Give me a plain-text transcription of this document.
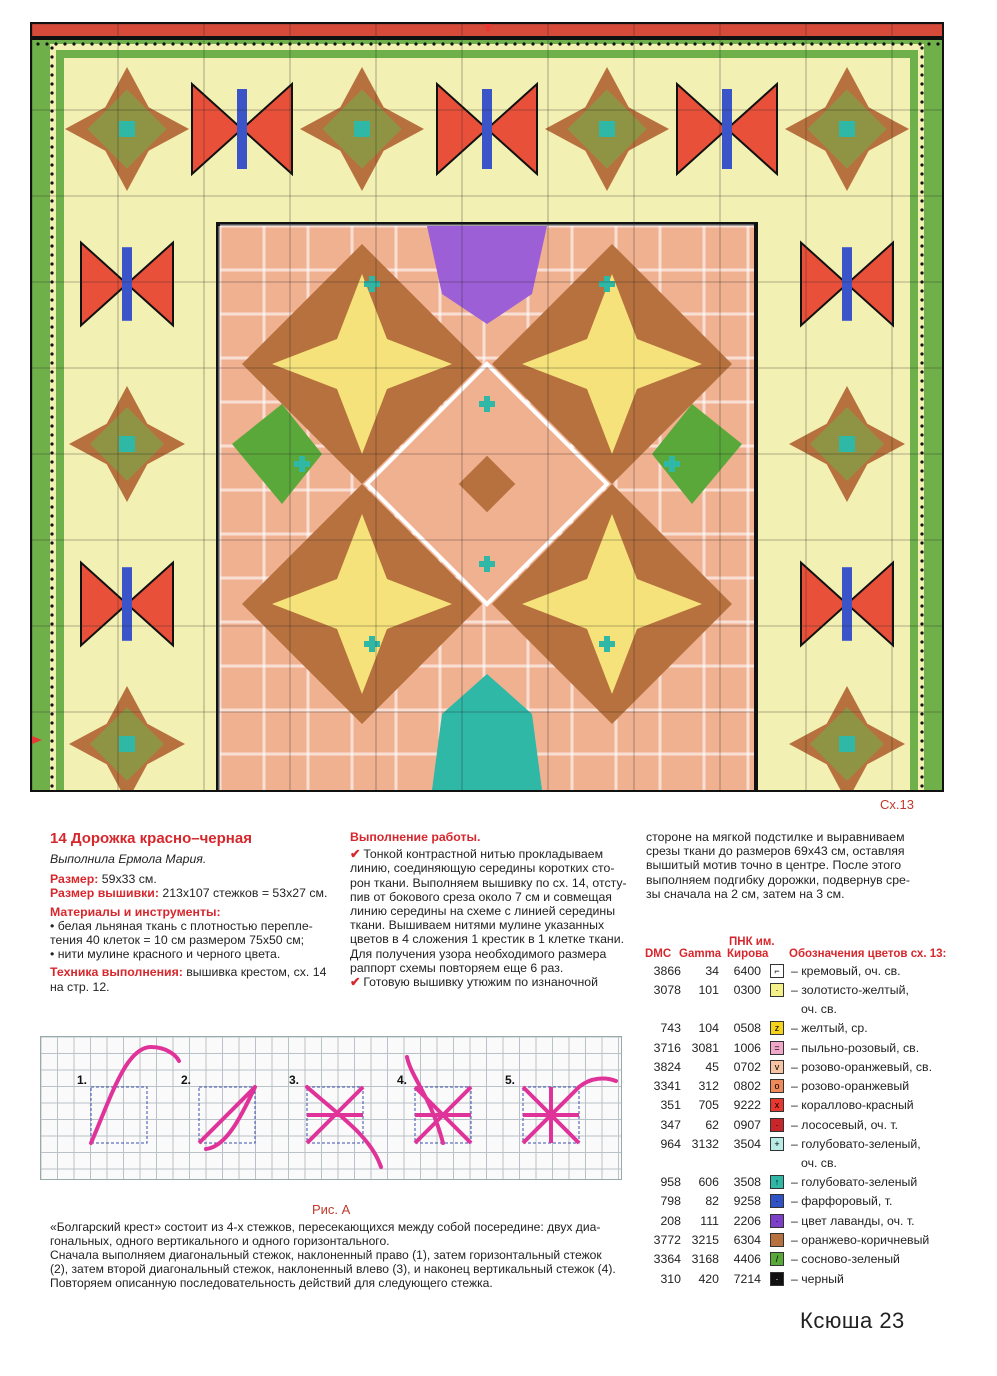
Сх.13
14 Дорожка красно–черная
Выполнила Ермола Мария.
Размер: 59х33 см.
Размер вышивки: 213х107 стежков = 53х27 см.
Материалы и инструменты:
• белая льняная ткань с плотностью перепле-
тения 40 клеток = 10 см размером 75х50 см;
• нити мулине красного и черного цвета.
Техника выполнения: вышивка крестом, сх. 14
на стр. 12.
Выполнение работы.
✔ Тонкой контрастной нитью прокладываем
линию, соединяющую середины коротких сто-
рон ткани. Выполняем вышивку по сх. 14, отсту-
пив от бокового среза около 7 см и совмещая
линию середины на схеме с линией середины
ткани. Вышиваем нитями мулине указанных
цветов в 4 сложения 1 крестик в 1 клетке ткани.
Для получения узора необходимого размера
раппорт схемы повторяем еще 6 раз.
✔ Готовую вышивку утюжим по изнаночной
стороне на мягкой подстилке и выравниваем
срезы ткани до размеров 69х43 см, оставляя
вышитый мотив точно в центре. После этого
выполняем подгибку дорожки, подвернув сре-
зы сначала на 2 см, затем на 3 см.
DMC Gamma
ПНК им.
Кирова Обозначения цветов сх. 13:
3866	34	6400	⌐ – кремовый, оч. св.
3078	101	0300	·	– золотисто-желтый,
оч. св.
743	104	0508	z – желтый, ср.
3716 3081	1006	= – пыльно-розовый, св.
3824	45	0702	v – розово-оранжевый, св.
3341	312	0802	o – розово-оранжевый
351	705	9222	x – кораллово-красный
347	62	0907	·	– лососевый, оч. т.
964 3132	3504	+ – голубовато-зеленый,
оч. св.
958	606	3508	↑ – голубовато-зеленый
798	82	9258	·	– фарфоровый, т.
208	111	2206	·	– цвет лаванды, оч. т.
3772 3215	6304 – оранжево-коричневый
3364 3168	4406	/	– сосново-зеленый
310	420	7214	·	– черный
1.	2.	3.	4.	5.
Рис. А
«Болгарский крест» состоит из 4-х стежков, пересекающихся между собой посередине: двух диа-
гональных, одного вертикального и одного горизонтального.
Сначала выполняем диагональный стежок, наклоненный право (1), затем горизонтальный стежок
(2), затем второй диагональный стежок, наклоненный влево (3), и наконец вертикальный стежок (4).
Повторяем описанную последовательность действий для следующего стежка.
Ксюша 23
